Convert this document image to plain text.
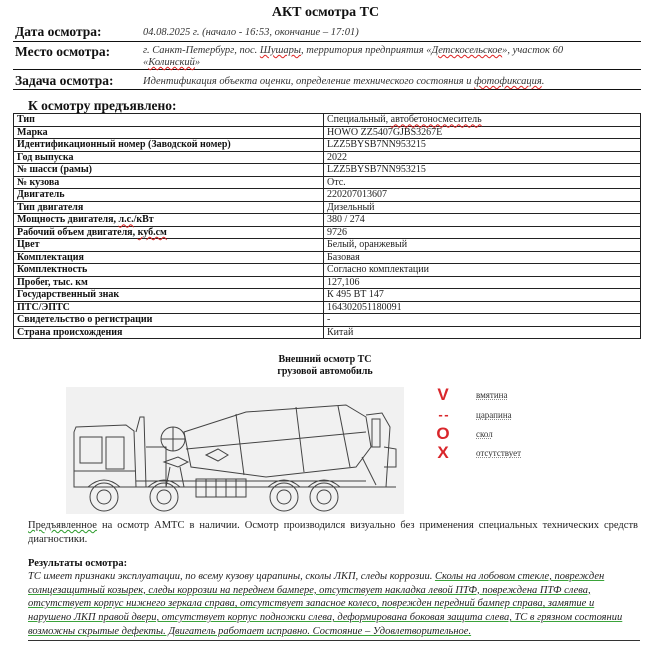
АКТ осмотра ТС
Дата осмотра:	04.08.2025 г. (начало - 16:53, окончание – 17:01)
Место осмотра:	г. Санкт-Петербург, пос. Шушары, территория предприятия «Детскосельское», участок 60
«Колинский»
Задача осмотра:	Идентификация объекта оценки, определение технического состояния и фотофиксация.
К осмотру предъявлено:
Тип	Специальный, автобетоносмеситель
Марка	HOWO ZZ5407GJBS3267E
Идентификационный номер (Заводской номер)	LZZ5BYSB7NN953215
Год выпуска	2022
№ шасси (рамы)	LZZ5BYSB7NN953215
№ кузова	Отс.
Двигатель	220207013607
Тип двигателя	Дизельный
Мощность двигателя, л.с./кВт	380 / 274
Рабочий объем двигателя, куб.см	9726
Цвет	Белый, оранжевый
Комплектация	Базовая
Комплектность	Согласно комплектации
Пробег, тыс. км	127,106
Государственный знак	К 495 ВТ 147
ПТС/ЭПТС	164302051180091
Свидетельство о регистрации	-
Страна происхождения	Китай
Внешний осмотр ТС
грузовой автомобиль
V	вмятина
- -	царапина
O	скол
X	отсутствует
Предъявленное на осмотр АМТС в наличии. Осмотр производился визуально без применения специальных технических средств диагностики.
Результаты осмотра:
ТС имеет признаки эксплуатации, по всему кузову царапины, сколы ЛКП, следы коррозии. Сколы на лобовом стекле, поврежден солнцезащитный козырек, следы коррозии на переднем бампере, отсутствует накладка левой ПТФ, повреждена ПТФ слева, отсутствует корпус нижнего зеркала справа, отсутствует запасное колесо, поврежден передний бампер справа, замятие и нарушено ЛКП правой двери, отсутствует корпус подножки слева, деформирована боковая защита слева, ТС в грязном состоянии возможны скрытые дефекты. Двигатель работает исправно. Состояние – Удовлетворительное.
